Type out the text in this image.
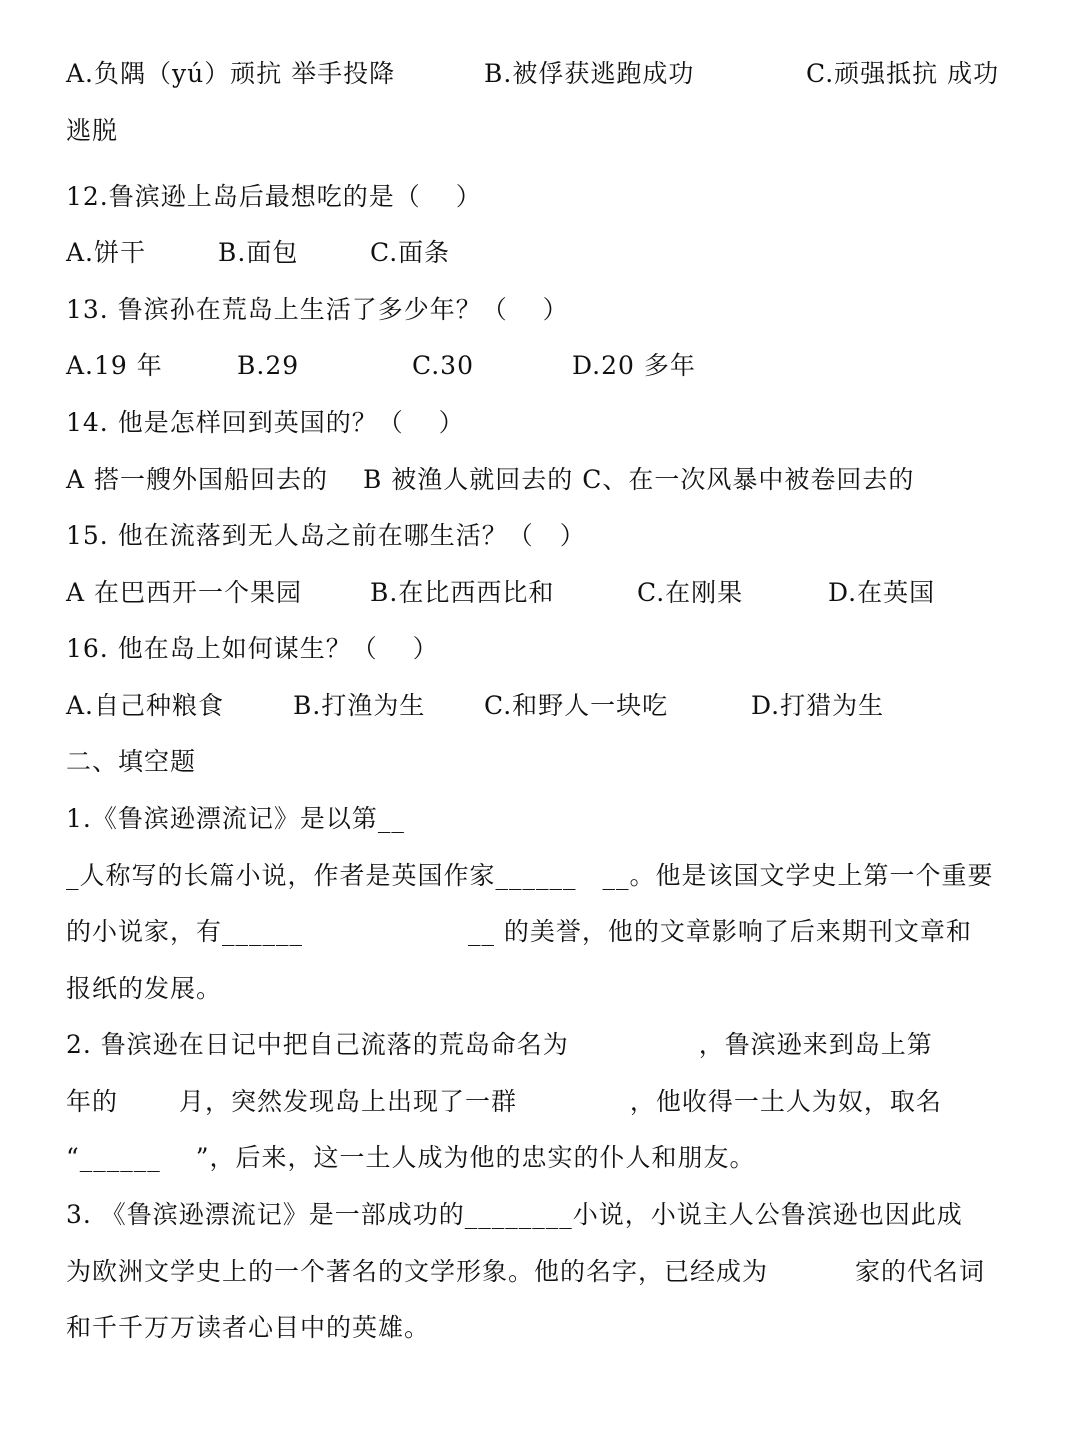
A.负隅（yú）顽抗 举手投降	B.被俘获逃跑成功	C.顽强抵抗 成功
逃脱
12.鲁滨逊上岛后最想吃的是（　 ）
A.饼干	B.面包	C.面条
13. 鲁滨孙在荒岛上生活了多少年？（　 ）
A.19 年	B.29	C.30	D.20 多年
14. 他是怎样回到英国的？（　 ）
A 搭一艘外国船回去的　 B 被渔人就回去的 C、在一次风暴中被卷回去的
15. 他在流落到无人岛之前在哪生活？（　）
A 在巴西开一个果园	B.在比西西比和	C.在刚果	D.在英国
16. 他在岛上如何谋生？（　 ）
A.自己种粮食	B.打渔为生 C.和野人一块吃	D.打猎为生
二、填空题
1.《鲁滨逊漂流记》是以第__
_人称写的长篇小说，作者是英国作家______　__。他是该国文学史上第一个重要
的小说家，有______　　　　　　 __ 的美誉，他的文章影响了后来期刊文章和
报纸的发展。
2. 鲁滨逊在日记中把自己流落的荒岛命名为　　　　　，鲁滨逊来到岛上第
年的　　 月，突然发现岛上出现了一群　　　　 ，他收得一土人为奴，取名
“______　 ”，后来，这一土人成为他的忠实的仆人和朋友。
3. 《鲁滨逊漂流记》是一部成功的________小说，小说主人公鲁滨逊也因此成
为欧洲文学史上的一个著名的文学形象。他的名字，已经成为　　　 家的代名词
和千千万万读者心目中的英雄。
